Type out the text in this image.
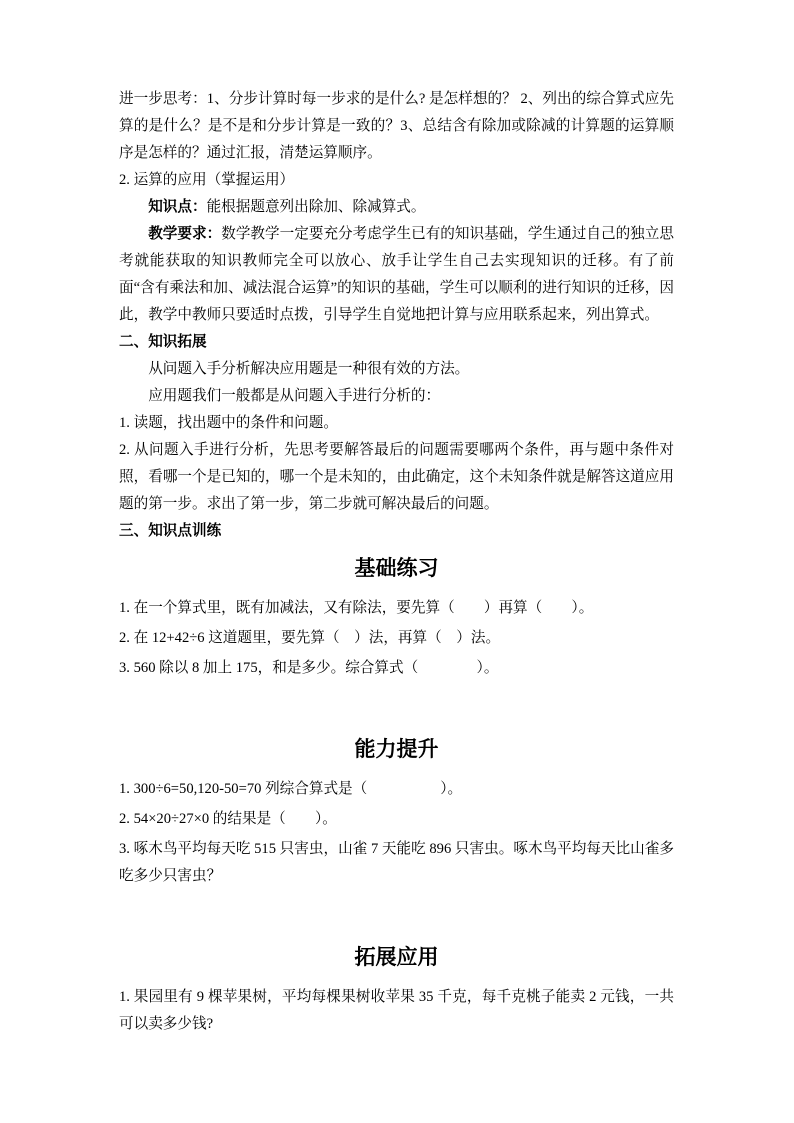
进一步思考：1、分步计算时每一步求的是什么? 是怎样想的？ 2、列出的综合算式应先算的是什么？是不是和分步计算是一致的？3、总结含有除加或除减的计算题的运算顺序是怎样的？通过汇报，清楚运算顺序。
2. 运算的应用（掌握运用）
知识点：能根据题意列出除加、除减算式。
教学要求：数学教学一定要充分考虑学生已有的知识基础，学生通过自己的独立思考就能获取的知识教师完全可以放心、放手让学生自己去实现知识的迁移。有了前面“含有乘法和加、减法混合运算”的知识的基础，学生可以顺利的进行知识的迁移，因此，教学中教师只要适时点拨，引导学生自觉地把计算与应用联系起来，列出算式。
二、知识拓展
从问题入手分析解决应用题是一种很有效的方法。
应用题我们一般都是从问题入手进行分析的：
1. 读题，找出题中的条件和问题。
2. 从问题入手进行分析，先思考要解答最后的问题需要哪两个条件，再与题中条件对照，看哪一个是已知的，哪一个是未知的，由此确定，这个未知条件就是解答这道应用题的第一步。求出了第一步，第二步就可解决最后的问题。
三、知识点训练
基础练习
1. 在一个算式里，既有加减法，又有除法，要先算（　　）再算（　　）。
2. 在 12+42÷6 这道题里，要先算（　）法，再算（　）法。
3. 560 除以 8 加上 175，和是多少。综合算式（　　　　）。
能力提升
1. 300÷6=50,120-50=70 列综合算式是（　　　　　）。
2. 54×20÷27×0 的结果是（　　）。
3. 啄木鸟平均每天吃 515 只害虫，山雀 7 天能吃 896 只害虫。啄木鸟平均每天比山雀多吃多少只害虫？
拓展应用
1. 果园里有 9 棵苹果树，平均每棵果树收苹果 35 千克，每千克桃子能卖 2 元钱，一共可以卖多少钱?
